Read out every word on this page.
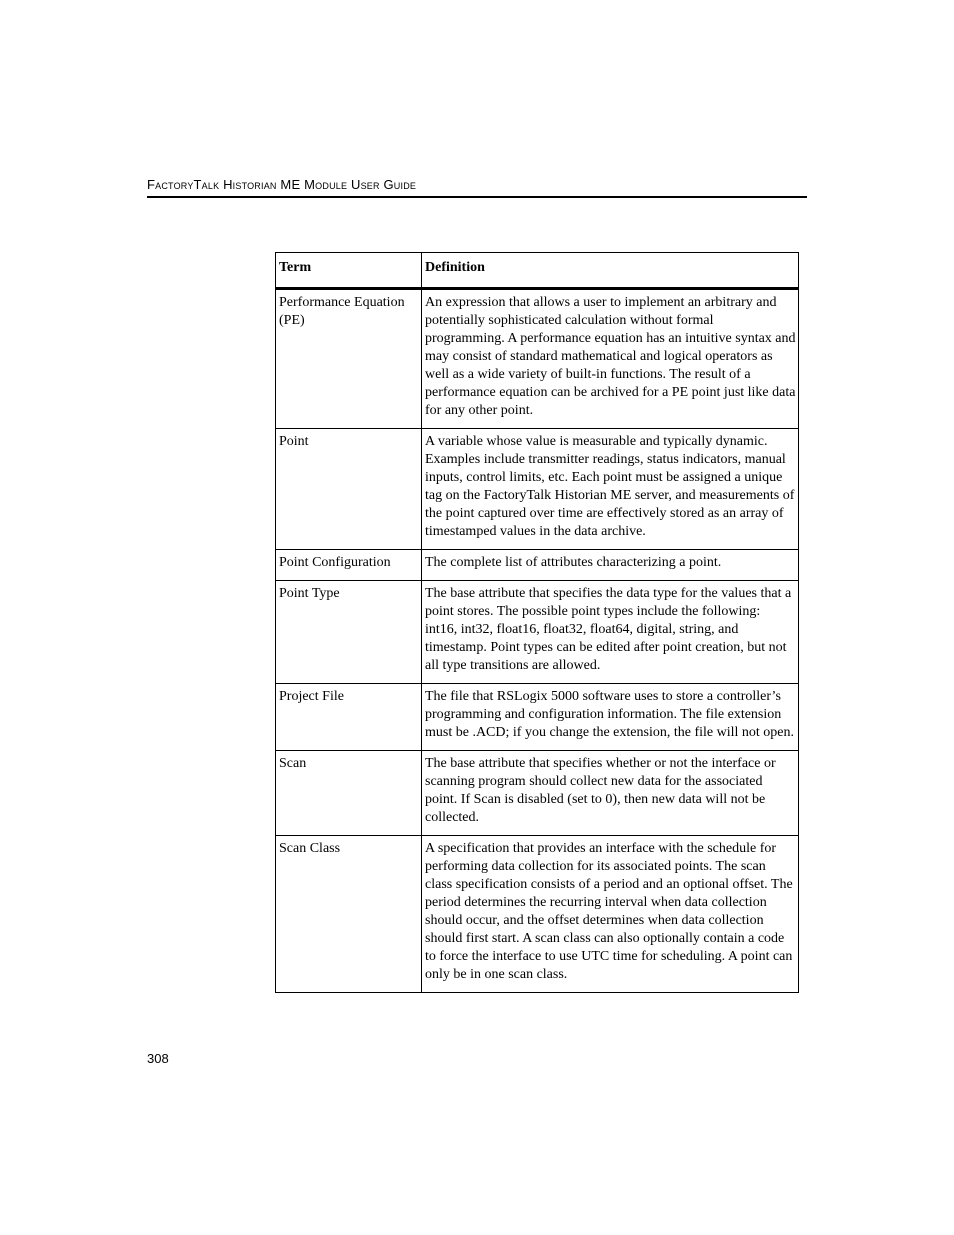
FactoryTalk Historian ME Module User Guide
Term	Definition
Performance Equation (PE)	An expression that allows a user to implement an arbitrary and potentially sophisticated calculation without formal programming. A performance equation has an intuitive syntax and may consist of standard mathematical and logical operators as well as a wide variety of built-in functions. The result of a performance equation can be archived for a PE point just like data for any other point.
Point	A variable whose value is measurable and typically dynamic. Examples include transmitter readings, status indicators, manual inputs, control limits, etc. Each point must be assigned a unique tag on the FactoryTalk Historian ME server, and measurements of the point captured over time are effectively stored as an array of timestamped values in the data archive.
Point Configuration	The complete list of attributes characterizing a point.
Point Type	The base attribute that specifies the data type for the values that a point stores. The possible point types include the following: int16, int32, float16, float32, float64, digital, string, and timestamp. Point types can be edited after point creation, but not all type transitions are allowed.
Project File	The file that RSLogix 5000 software uses to store a controller’s programming and configuration information. The file extension must be .ACD; if you change the extension, the file will not open.
Scan	The base attribute that specifies whether or not the interface or scanning program should collect new data for the associated point. If Scan is disabled (set to 0), then new data will not be collected.
Scan Class	A specification that provides an interface with the schedule for performing data collection for its associated points. The scan class specification consists of a period and an optional offset. The period determines the recurring interval when data collection should occur, and the offset determines when data collection should first start. A scan class can also optionally contain a code to force the interface to use UTC time for scheduling. A point can only be in one scan class.
308
